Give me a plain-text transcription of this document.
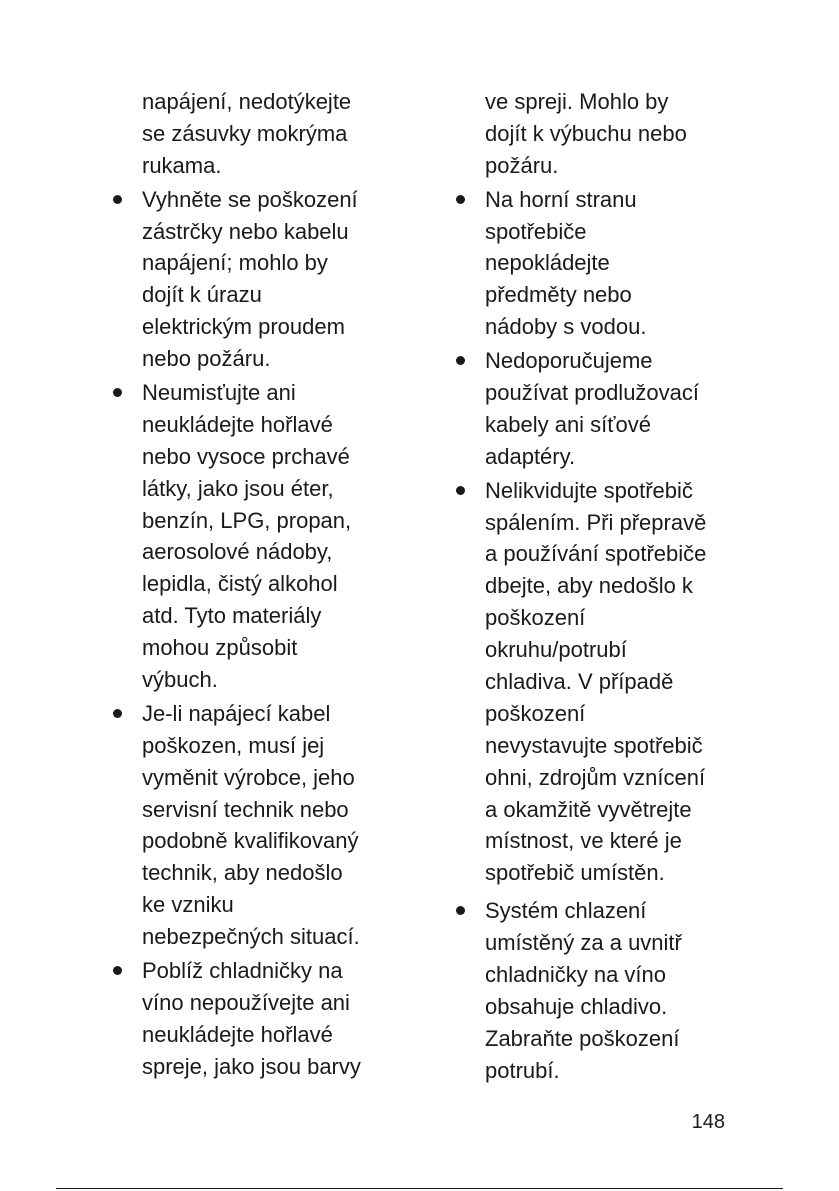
napájení, nedotýkejte
se zásuvky mokrýma
rukama.
Vyhněte se poškození
zástrčky nebo kabelu
napájení; mohlo by
dojít k úrazu
elektrickým proudem
nebo požáru.
Neumisťujte ani
neukládejte hořlavé
nebo vysoce prchavé
látky, jako jsou éter,
benzín, LPG, propan,
aerosolové nádoby,
lepidla, čistý alkohol
atd. Tyto materiály
mohou způsobit
výbuch.
Je-li napájecí kabel
poškozen, musí jej
vyměnit výrobce, jeho
servisní technik nebo
podobně kvalifikovaný
technik, aby nedošlo
ke vzniku
nebezpečných situací.
Poblíž chladničky na
víno nepoužívejte ani
neukládejte hořlavé
spreje, jako jsou barvy
ve spreji. Mohlo by
dojít k výbuchu nebo
požáru.
Na horní stranu
spotřebiče
nepokládejte
předměty nebo
nádoby s vodou.
Nedoporučujeme
používat prodlužovací
kabely ani síťové
adaptéry.
Nelikvidujte spotřebič
spálením. Při přepravě
a používání spotřebiče
dbejte, aby nedošlo k
poškození
okruhu/potrubí
chladiva. V případě
poškození
nevystavujte spotřebič
ohni, zdrojům vznícení
a okamžitě vyvětrejte
místnost, ve které je
spotřebič umístěn.
Systém chlazení
umístěný za a uvnitř
chladničky na víno
obsahuje chladivo.
Zabraňte poškození
potrubí.
148
